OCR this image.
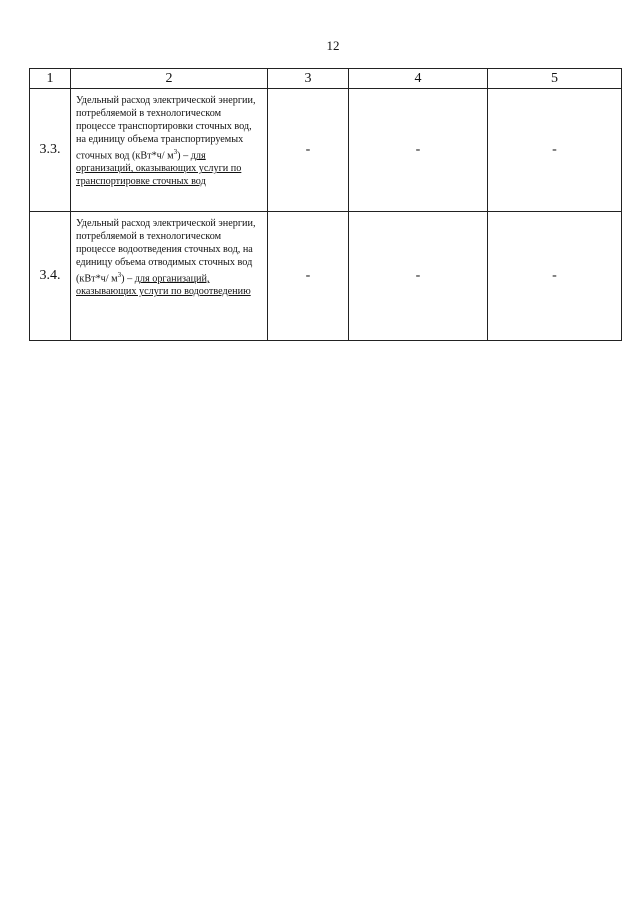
12
1	2	3	4	5
3.3.	Удельный расход электрической энергии, потребляемой в технологическом процессе транспортировки сточных вод, на единицу объема транспортируемых сточных вод (кВт*ч/ $м^3$) – для организаций, оказывающих услуги по транспортировке сточных вод	-	-	-
3.4.	Удельный расход электрической энергии, потребляемой в технологическом процессе водоотведения сточных вод, на единицу объема отводимых сточных вод (кВт*ч/ $м^3$) – для организаций, оказывающих услуги по водоотведению	-	-	-
